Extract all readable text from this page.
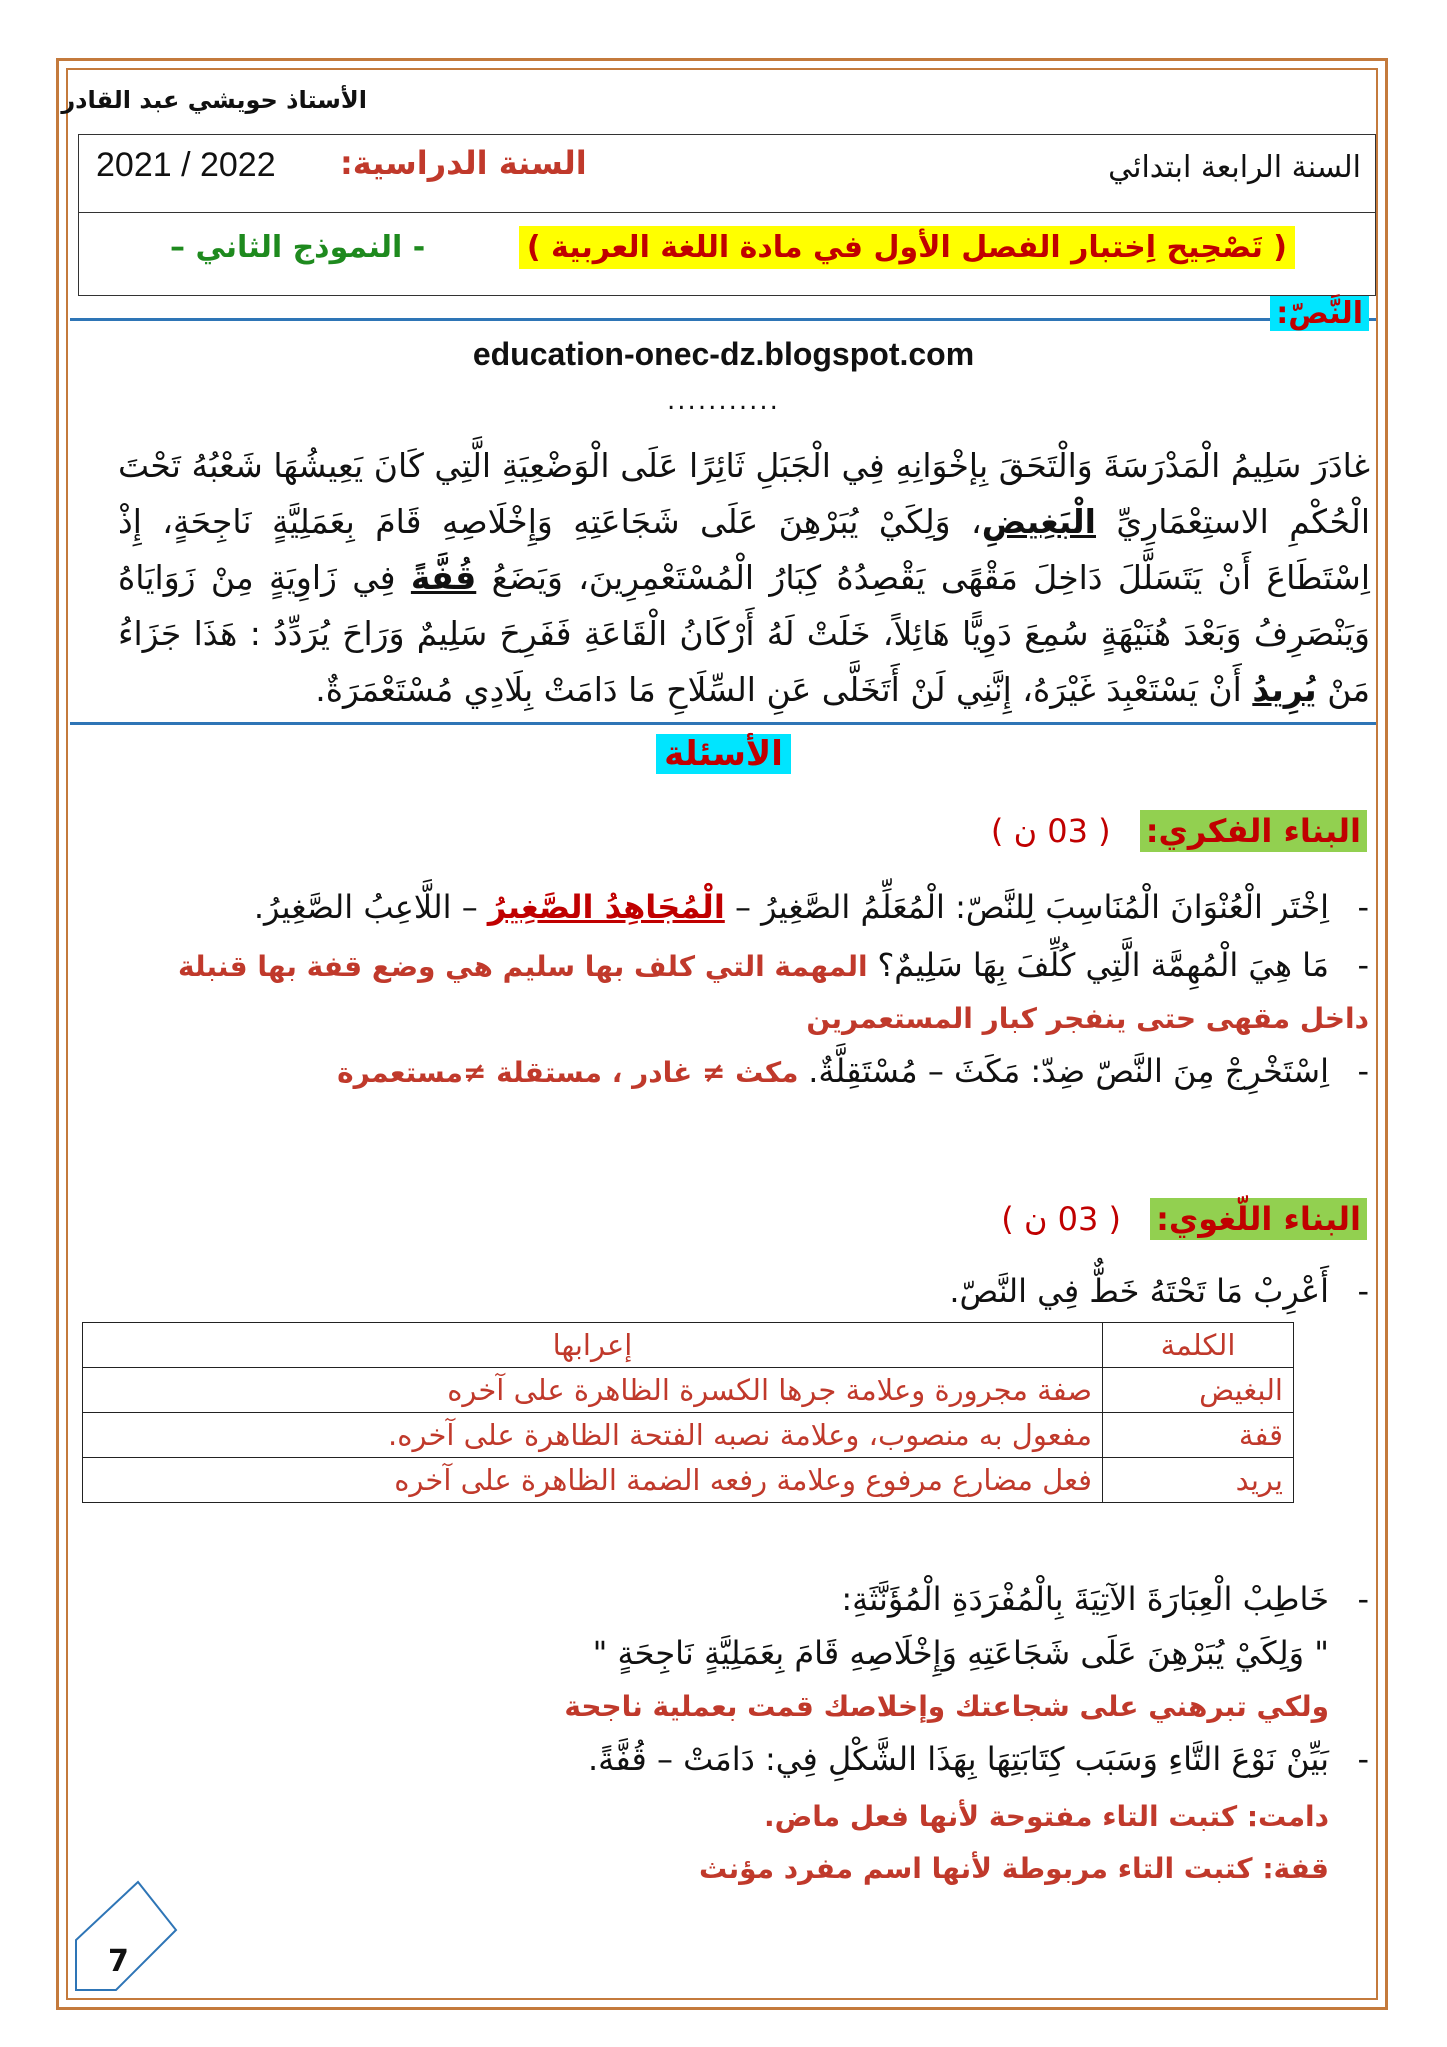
الأستاذ حويشي عبد القادر
السنة الرابعة ابتدائي
السنة الدراسية:
2021 / 2022
( تَصْحِيح اِختبار الفصل الأول في مادة اللغة العربية )
- النموذج الثاني –
النَّصّ:
education-onec-dz.blogspot.com
...........
غادَرَ سَلِيمُ الْمَدْرَسَةَ وَالْتَحَقَ بِإخْوَانِهِ فِي الْجَبَلِ ثَائِرًا عَلَى الْوَضْعِيَةِ الَّتِي كَانَ يَعِيشُهَا شَعْبُهُ تَحْتَ الْحُكْمِ الاستِعْمَارِيِّ الْبَغِيضِ، وَلِكَيْ يُبَرْهِنَ عَلَى شَجَاعَتِهِ وَإِخْلَاصِهِ قَامَ بِعَمَلِيَّةٍ نَاجِحَةٍ، إِذْ اِسْتَطَاعَ أَنْ يَتَسَلَّلَ دَاخِلَ مَقْهًى يَقْصِدُهُ كِبَارُ الْمُسْتَعْمِرِينَ، وَيَضَعُ قُفَّةً فِي زَاوِيَةٍ مِنْ زَوَايَاهُ وَيَنْصَرِفُ وَبَعْدَ هُنَيْهَةٍ سُمِعَ دَوِيًّا هَائِلاً، خَلَتْ لَهُ أَرْكَانُ الْقَاعَةِ فَفَرِحَ سَلِيمٌ وَرَاحَ يُرَدِّدُ : هَذَا جَزَاءُ مَنْ يُرِيدُ أَنْ يَسْتَعْبِدَ غَيْرَهُ، إِنَّنِي لَنْ أَتَخَلَّى عَنِ السِّلَاحِ مَا دَامَتْ بِلَادِي مُسْتَعْمَرَةٌ.
الأسئلة
البناء الفكري: ( 03 ن )
-اِخْتَر الْعُنْوَانَ الْمُنَاسِبَ لِلنَّصّ: الْمُعَلِّمُ الصَّغِيرُ – الْمُجَاهِدُ الصَّغِيرُ – اللَّاعِبُ الصَّغِيرُ.
-مَا هِيَ الْمُهِمَّة الَّتِي كُلِّفَ بِهَا سَلِيمٌ؟ المهمة التي كلف بها سليم هي وضع قفة بها قنبلة داخل مقهى حتى ينفجر كبار المستعمرين
-اِسْتَخْرِجْ مِنَ النَّصّ ضِدّ: مَكَثَ – مُسْتَقِلَّةٌ. مكث ≠ غادر ، مستقلة ≠مستعمرة
البناء اللّغوي: ( 03 ن )
-أَعْرِبْ مَا تَحْتَهُ خَطٌّ فِي النَّصّ.
الكلمة	إعرابها
البغيض	صفة مجرورة وعلامة جرها الكسرة الظاهرة على آخره
قفة	مفعول به منصوب، وعلامة نصبه الفتحة الظاهرة على آخره.
يريد	فعل مضارع مرفوع وعلامة رفعه الضمة الظاهرة على آخره
-خَاطِبْ الْعِبَارَةَ الآتِيَةَ بِالْمُفْرَدَةِ الْمُؤَنَّثَةِ:
" وَلِكَيْ يُبَرْهِنَ عَلَى شَجَاعَتِهِ وَإِخْلَاصِهِ قَامَ بِعَمَلِيَّةٍ نَاجِحَةٍ "
ولكي تبرهني على شجاعتك وإخلاصك قمت بعملية ناجحة
-بَيِّنْ نَوْعَ التَّاءِ وَسَبَب كِتَابَتِهَا بِهَذَا الشَّكْلِ فِي: دَامَتْ – قُفَّةً.
دامت: كتبت التاء مفتوحة لأنها فعل ماض.
قفة: كتبت التاء مربوطة لأنها اسم مفرد مؤنث
7
